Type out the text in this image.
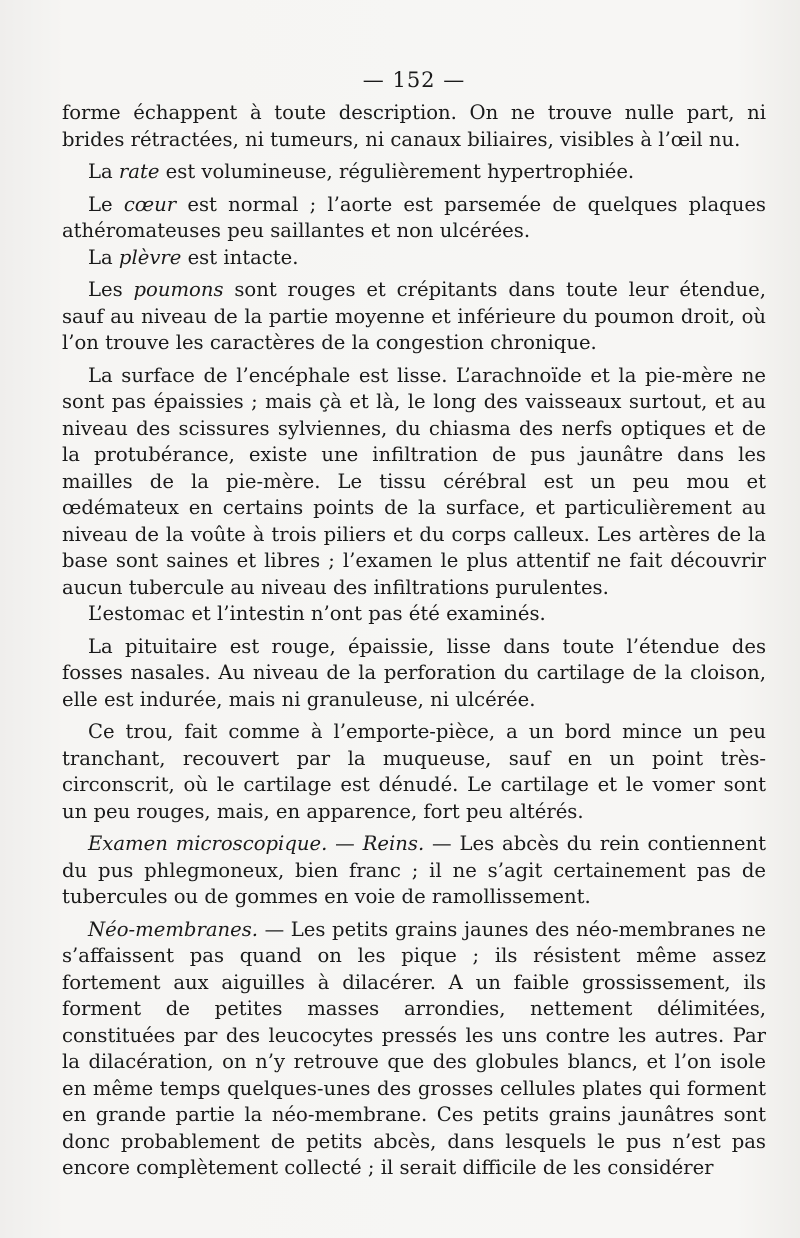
— 152 —

forme échappent à toute description. On ne trouve nulle part, ni brides rétractées, ni tumeurs, ni canaux biliaires, visibles à l’œil nu.

La rate est volumineuse, régulièrement hypertrophiée.

Le cœur est normal ; l’aorte est parsemée de quelques plaques athéromateuses peu saillantes et non ulcérées.

La plèvre est intacte.

Les poumons sont rouges et crépitants dans toute leur étendue, sauf au niveau de la partie moyenne et inférieure du poumon droit, où l’on trouve les caractères de la congestion chronique.

La surface de l’encéphale est lisse. L’arachnoïde et la pie-mère ne sont pas épaissies ; mais çà et là, le long des vaisseaux surtout, et au niveau des scissures sylviennes, du chiasma des nerfs optiques et de la protubérance, existe une infiltration de pus jaunâtre dans les mailles de la pie-mère. Le tissu cérébral est un peu mou et œdémateux en certains points de la surface, et particulièrement au niveau de la voûte à trois piliers et du corps calleux. Les artères de la base sont saines et libres ; l’examen le plus attentif ne fait découvrir aucun tubercule au niveau des infiltrations purulentes.

L’estomac et l’intestin n’ont pas été examinés.

La pituitaire est rouge, épaissie, lisse dans toute l’étendue des fosses nasales. Au niveau de la perforation du cartilage de la cloison, elle est indurée, mais ni granuleuse, ni ulcérée.

Ce trou, fait comme à l’emporte-pièce, a un bord mince un peu tranchant, recouvert par la muqueuse, sauf en un point très-circonscrit, où le cartilage est dénudé. Le cartilage et le vomer sont un peu rouges, mais, en apparence, fort peu altérés.

Examen microscopique. — Reins. — Les abcès du rein contiennent du pus phlegmoneux, bien franc ; il ne s’agit certainement pas de tubercules ou de gommes en voie de ramollissement.

Néo-membranes. — Les petits grains jaunes des néo-membranes ne s’affaissent pas quand on les pique ; ils résistent même assez fortement aux aiguilles à dilacérer. A un faible grossissement, ils forment de petites masses arrondies, nettement délimitées, constituées par des leucocytes pressés les uns contre les autres. Par la dilacération, on n’y retrouve que des globules blancs, et l’on isole en même temps quelques-unes des grosses cellules plates qui forment en grande partie la néo-membrane. Ces petits grains jaunâtres sont donc probablement de petits abcès, dans lesquels le pus n’est pas encore complètement collecté ; il serait difficile de les considérer
